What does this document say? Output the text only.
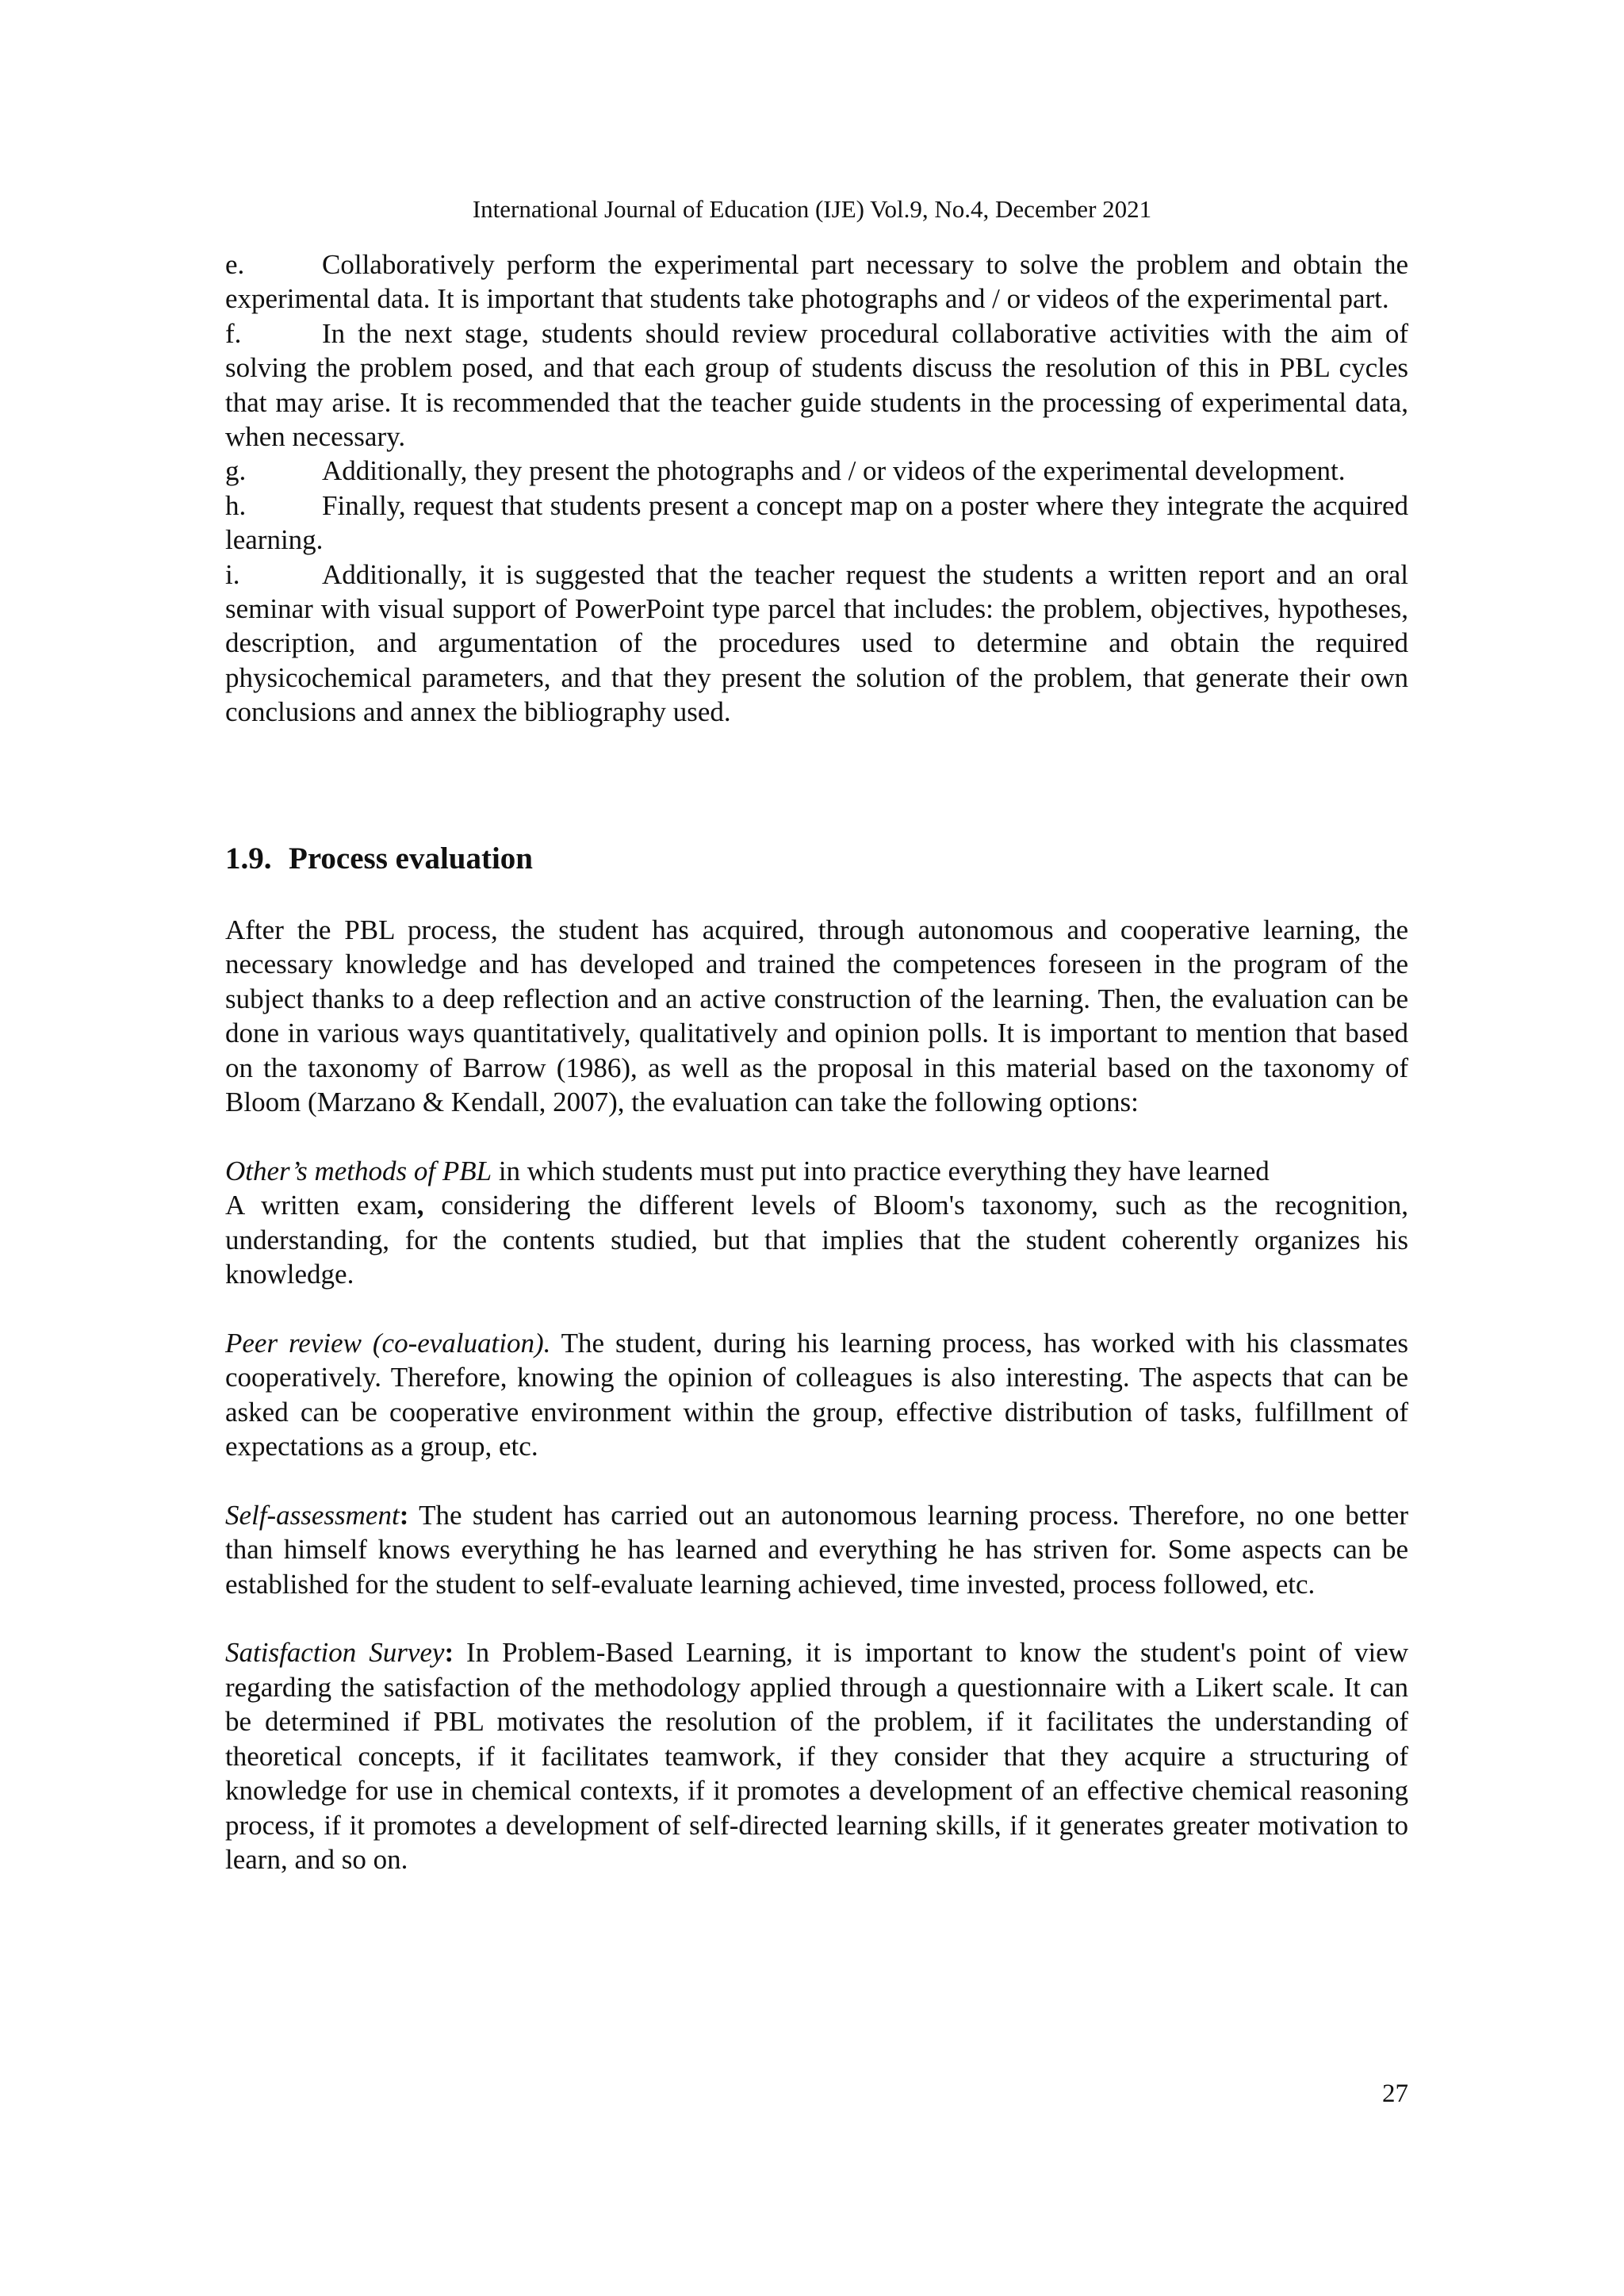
International Journal of Education (IJE) Vol.9, No.4, December 2021

e.	Collaboratively perform the experimental part necessary to solve the problem and obtain the experimental data. It is important that students take photographs and / or videos of the experimental part.

f.	In the next stage, students should review procedural collaborative activities with the aim of solving the problem posed, and that each group of students discuss the resolution of this in PBL cycles that may arise. It is recommended that the teacher guide students in the processing of experimental data, when necessary.

g.	Additionally, they present the photographs and / or videos of the experimental development.

h.	Finally, request that students present a concept map on a poster where they integrate the acquired learning.

i.	Additionally, it is suggested that the teacher request the students a written report and an oral seminar with visual support of PowerPoint type parcel that includes: the problem, objectives, hypotheses, description, and argumentation of the procedures used to determine and obtain the required physicochemical parameters, and that they present the solution of the problem, that generate their own conclusions and annex the bibliography used.

1.9. Process evaluation

After the PBL process, the student has acquired, through autonomous and cooperative learning, the necessary knowledge and has developed and trained the competences foreseen in the program of the subject thanks to a deep reflection and an active construction of the learning. Then, the evaluation can be done in various ways quantitatively, qualitatively and opinion polls. It is important to mention that based on the taxonomy of Barrow (1986), as well as the proposal in this material based on the taxonomy of Bloom (Marzano & Kendall, 2007), the evaluation can take the following options:

Other’s methods of PBL in which students must put into practice everything they have learned

A written exam, considering the different levels of Bloom's taxonomy, such as the recognition, understanding, for the contents studied, but that implies that the student coherently organizes his knowledge.

Peer review (co-evaluation). The student, during his learning process, has worked with his classmates cooperatively. Therefore, knowing the opinion of colleagues is also interesting. The aspects that can be asked can be cooperative environment within the group, effective distribution of tasks, fulfillment of expectations as a group, etc.

Self-assessment: The student has carried out an autonomous learning process. Therefore, no one better than himself knows everything he has learned and everything he has striven for. Some aspects can be established for the student to self-evaluate learning achieved, time invested, process followed, etc.

Satisfaction Survey: In Problem-Based Learning, it is important to know the student's point of view regarding the satisfaction of the methodology applied through a questionnaire with a Likert scale. It can be determined if PBL motivates the resolution of the problem, if it facilitates the understanding of theoretical concepts, if it facilitates teamwork, if they consider that they acquire a structuring of knowledge for use in chemical contexts, if it promotes a development of an effective chemical reasoning process, if it promotes a development of self-directed learning skills, if it generates greater motivation to learn, and so on.

27
